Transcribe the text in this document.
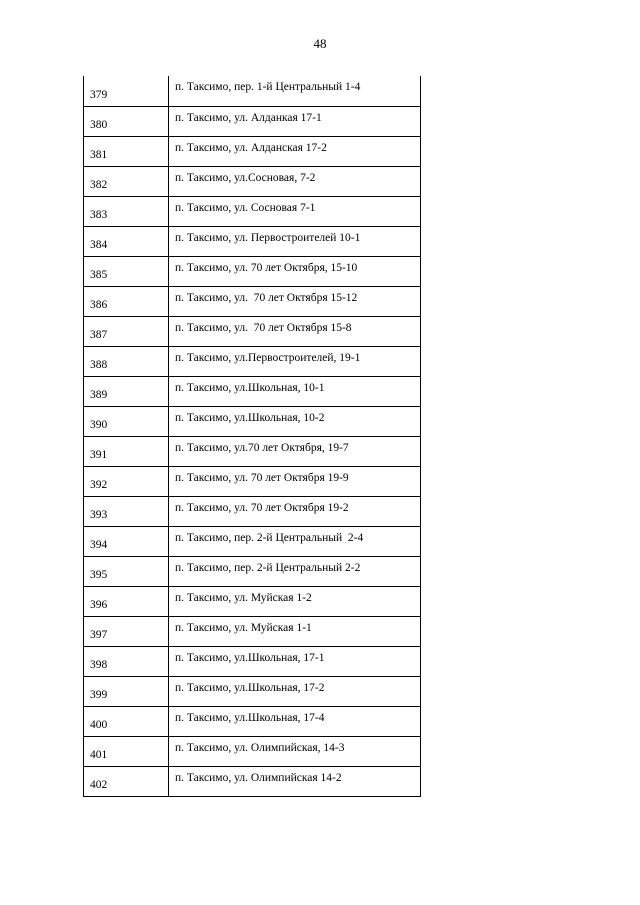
48
379	п. Таксимо, пер. 1-й Центральный 1-4
380	п. Таксимо, ул. Алданкая 17-1
381	п. Таксимо, ул. Алданская 17-2
382	п. Таксимо, ул.Сосновая, 7-2
383	п. Таксимо, ул. Сосновая 7-1
384	п. Таксимо, ул. Первостроителей 10-1
385	п. Таксимо, ул. 70 лет Октября, 15-10
386	п. Таксимо, ул.  70 лет Октября 15-12
387	п. Таксимо, ул.  70 лет Октября 15-8
388	п. Таксимо, ул.Первостроителей, 19-1
389	п. Таксимо, ул.Школьная, 10-1
390	п. Таксимо, ул.Школьная, 10-2
391	п. Таксимо, ул.70 лет Октября, 19-7
392	п. Таксимо, ул. 70 лет Октября 19-9
393	п. Таксимо, ул. 70 лет Октября 19-2
394	п. Таксимо, пер. 2-й Центральный  2-4
395	п. Таксимо, пер. 2-й Центральный 2-2
396	п. Таксимо, ул. Муйская 1-2
397	п. Таксимо, ул. Муйская 1-1
398	п. Таксимо, ул.Школьная, 17-1
399	п. Таксимо, ул.Школьная, 17-2
400	п. Таксимо, ул.Школьная, 17-4
401	п. Таксимо, ул. Олимпийская, 14-3
402	п. Таксимо, ул. Олимпийская 14-2
